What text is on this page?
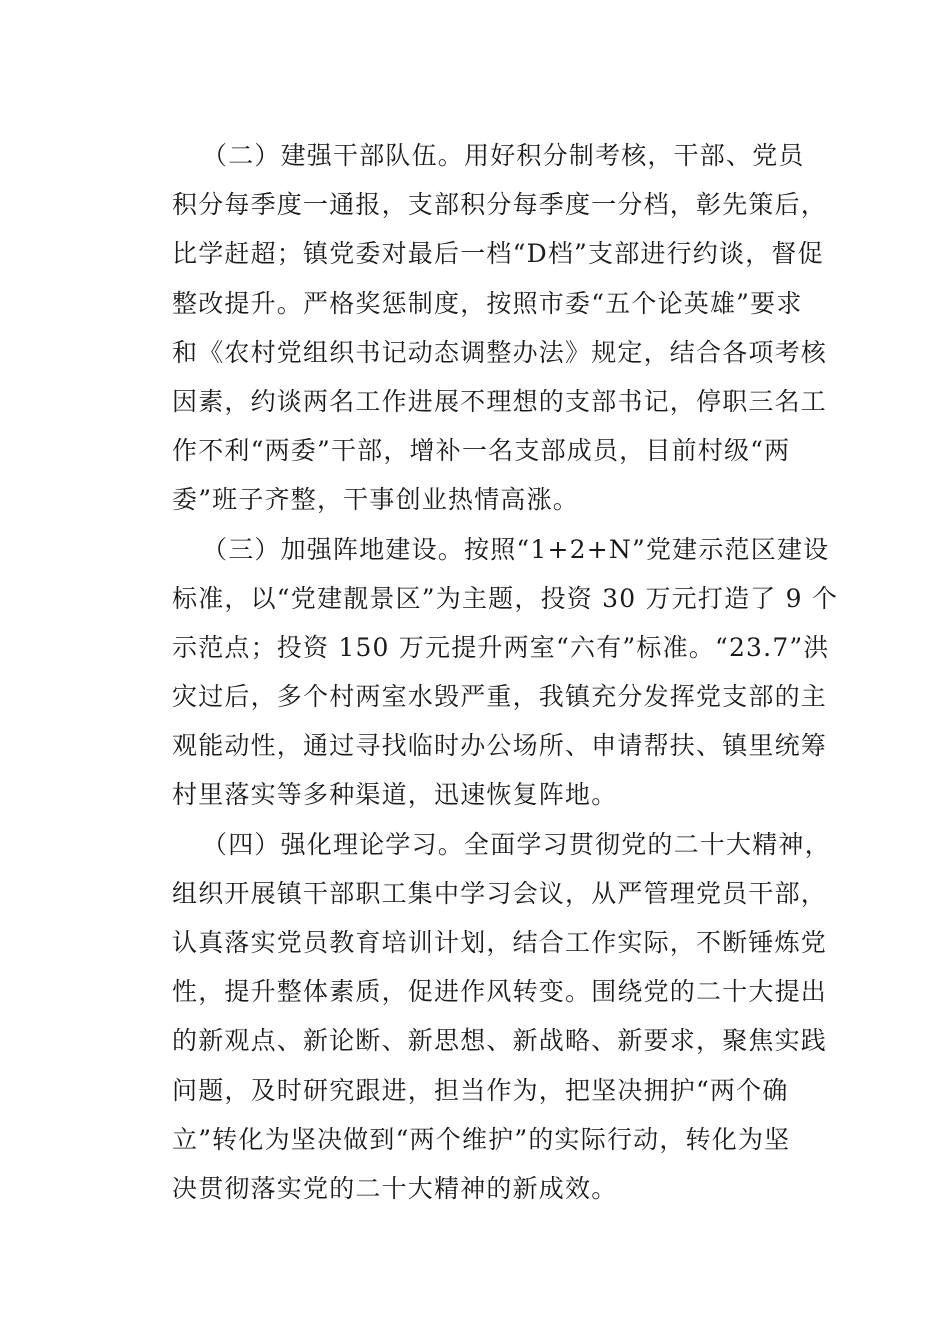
（二）建强干部队伍。用好积分制考核，干部、党员
积分每季度一通报，支部积分每季度一分档，彰先策后，
比学赶超；镇党委对最后一档“D档”支部进行约谈，督促
整改提升。严格奖惩制度，按照市委“五个论英雄”要求
和《农村党组织书记动态调整办法》规定，结合各项考核
因素，约谈两名工作进展不理想的支部书记，停职三名工
作不利“两委”干部，增补一名支部成员，目前村级“两
委”班子齐整，干事创业热情高涨。
（三）加强阵地建设。按照“1+2+N”党建示范区建设
标准，以“党建靓景区”为主题，投资 30 万元打造了 9 个
示范点；投资 150 万元提升两室“六有”标准。“23.7”洪
灾过后，多个村两室水毁严重，我镇充分发挥党支部的主
观能动性，通过寻找临时办公场所、申请帮扶、镇里统筹
村里落实等多种渠道，迅速恢复阵地。
（四）强化理论学习。全面学习贯彻党的二十大精神，
组织开展镇干部职工集中学习会议，从严管理党员干部，
认真落实党员教育培训计划，结合工作实际，不断锤炼党
性，提升整体素质，促进作风转变。围绕党的二十大提出
的新观点、新论断、新思想、新战略、新要求，聚焦实践
问题，及时研究跟进，担当作为，把坚决拥护“两个确
立”转化为坚决做到“两个维护”的实际行动，转化为坚
决贯彻落实党的二十大精神的新成效。
